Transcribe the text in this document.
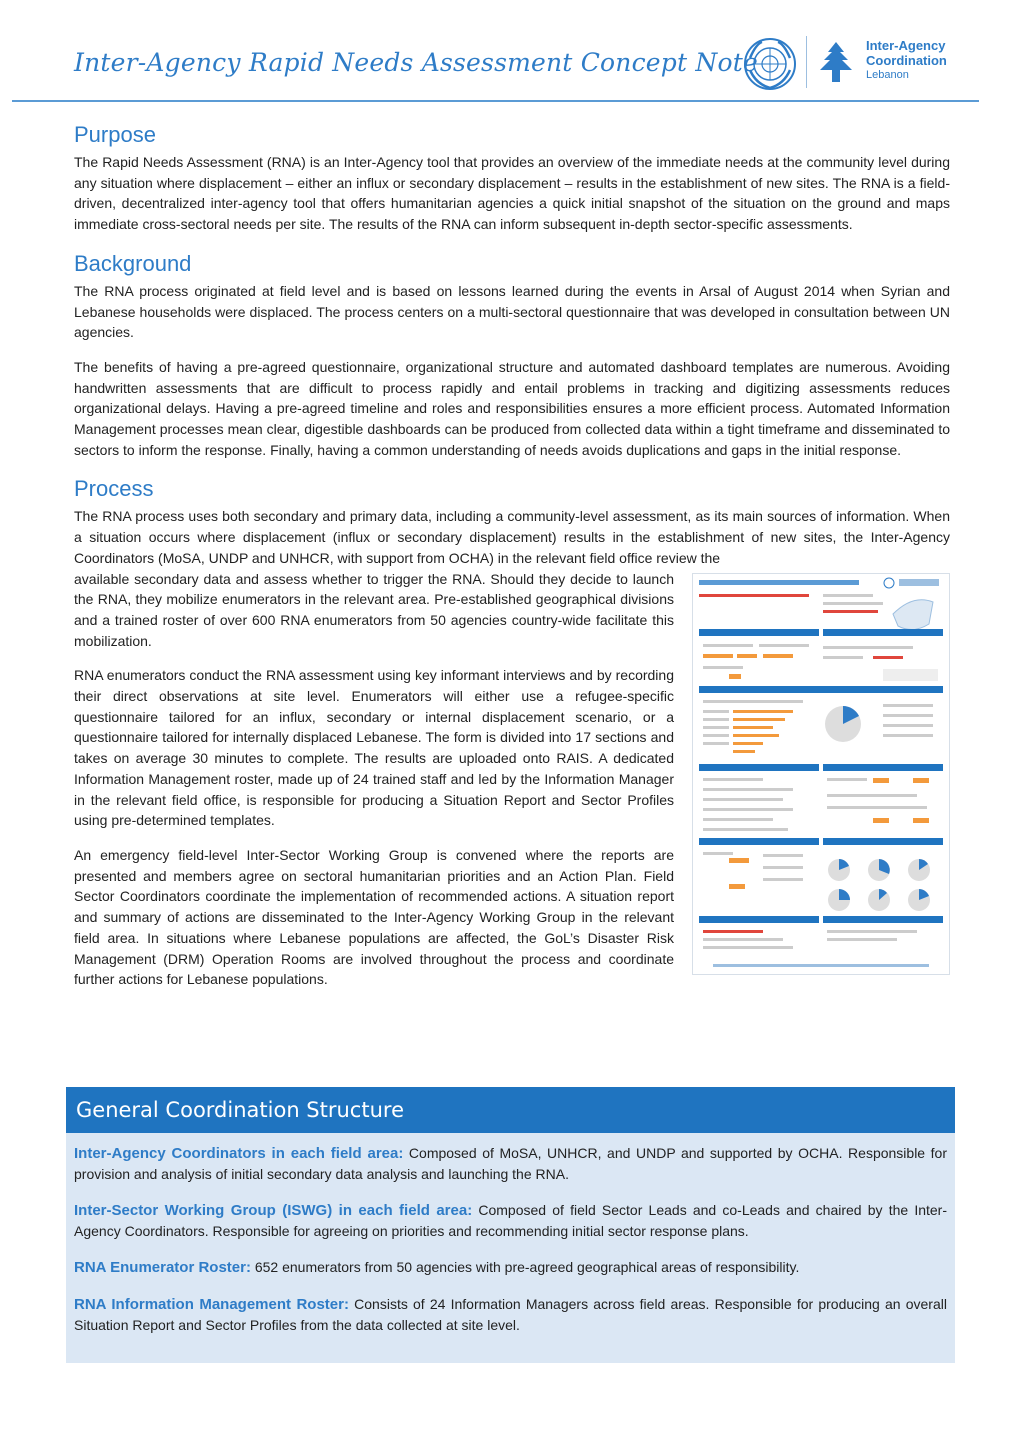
Inter-Agency Rapid Needs Assessment Concept Note
Inter-Agency
Coordination
Lebanon
Purpose

The Rapid Needs Assessment (RNA) is an Inter-Agency tool that provides an overview of the immediate needs at the community level during any situation where displacement – either an influx or secondary displacement – results in the establishment of new sites. The RNA is a field-driven, decentralized inter-agency tool that offers humanitarian agencies a quick initial snapshot of the situation on the ground and maps immediate cross-sectoral needs per site. The results of the RNA can inform subsequent in-depth sector-specific assessments.

Background

The RNA process originated at field level and is based on lessons learned during the events in Arsal of August 2014 when Syrian and Lebanese households were displaced. The process centers on a multi-sectoral questionnaire that was developed in consultation between UN agencies.

The benefits of having a pre-agreed questionnaire, organizational structure and automated dashboard templates are numerous. Avoiding handwritten assessments that are difficult to process rapidly and entail problems in tracking and digitizing assessments reduces organizational delays. Having a pre-agreed timeline and roles and responsibilities ensures a more efficient process. Automated Information Management processes mean clear, digestible dashboards can be produced from collected data within a tight timeframe and disseminated to sectors to inform the response. Finally, having a common understanding of needs avoids duplications and gaps in the initial response.

Process

The RNA process uses both secondary and primary data, including a community-level assessment, as its main sources of information. When a situation occurs where displacement (influx or secondary displacement) results in the establishment of new sites, the Inter-Agency Coordinators (MoSA, UNDP and UNHCR, with support from OCHA) in the relevant field office review the

available secondary data and assess whether to trigger the RNA. Should they decide to launch the RNA, they mobilize enumerators in the relevant area. Pre-established geographical divisions and a trained roster of over 600 RNA enumerators from 50 agencies country-wide facilitate this mobilization.

RNA enumerators conduct the RNA assessment using key informant interviews and by recording their direct observations at site level. Enumerators will either use a refugee-specific questionnaire tailored for an influx, secondary or internal displacement scenario, or a questionnaire tailored for internally displaced Lebanese. The form is divided into 17 sections and takes on average 30 minutes to complete. The results are uploaded onto RAIS. A dedicated Information Management roster, made up of 24 trained staff and led by the Information Manager in the relevant field office, is responsible for producing a Situation Report and Sector Profiles using pre-determined templates.

An emergency field-level Inter-Sector Working Group is convened where the reports are presented and members agree on sectoral humanitarian priorities and an Action Plan. Field Sector Coordinators coordinate the implementation of recommended actions. A situation report and summary of actions are disseminated to the Inter-Agency Working Group in the relevant field area. In situations where Lebanese populations are affected, the GoL’s Disaster Risk Management (DRM) Operation Rooms are involved throughout the process and coordinate further actions for Lebanese populations.

General Coordination Structure
Inter-Agency Coordinators in each field area: Composed of MoSA, UNHCR, and UNDP and supported by OCHA. Responsible for provision and analysis of initial secondary data analysis and launching the RNA.
Inter-Sector Working Group (ISWG) in each field area: Composed of field Sector Leads and co-Leads and chaired by the Inter-Agency Coordinators. Responsible for agreeing on priorities and recommending initial sector response plans.
RNA Enumerator Roster: 652 enumerators from 50 agencies with pre-agreed geographical areas of responsibility.
RNA Information Management Roster: Consists of 24 Information Managers across field areas. Responsible for producing an overall Situation Report and Sector Profiles from the data collected at site level.
